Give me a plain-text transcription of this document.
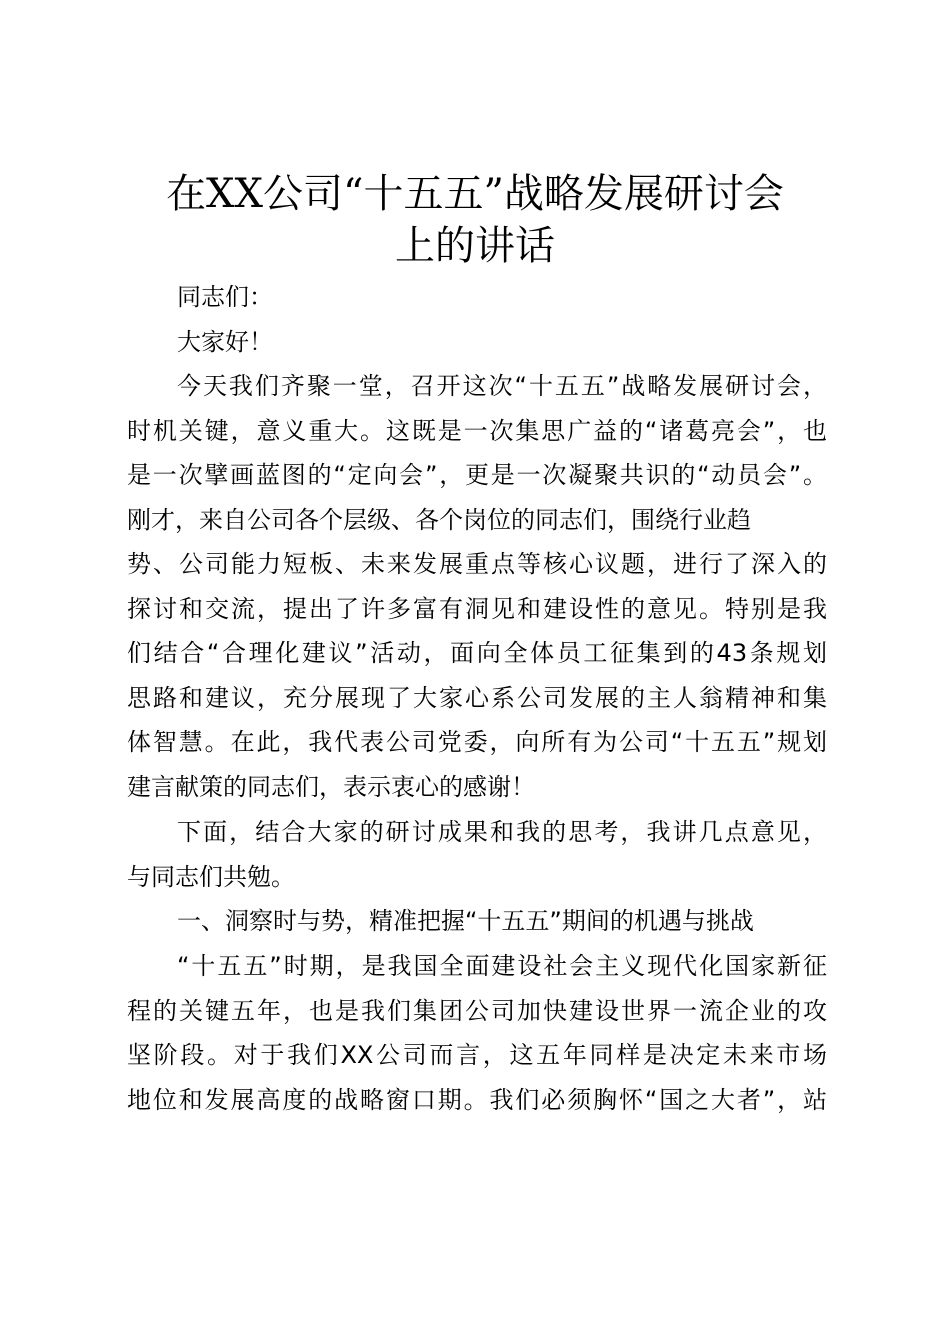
在XX公司“十五五”战略发展研讨会
上的讲话
同志们：
大家好！
今天我们齐聚一堂，召开这次“十五五”战略发展研讨会，
时机关键，意义重大。这既是一次集思广益的“诸葛亮会”，也
是一次擘画蓝图的“定向会”，更是一次凝聚共识的“动员会”。
刚才，来自公司各个层级、各个岗位的同志们，围绕行业趋
势、公司能力短板、未来发展重点等核心议题，进行了深入的
探讨和交流，提出了许多富有洞见和建设性的意见。特别是我
们结合“合理化建议”活动，面向全体员工征集到的43条规划
思路和建议，充分展现了大家心系公司发展的主人翁精神和集
体智慧。在此，我代表公司党委，向所有为公司“十五五”规划
建言献策的同志们，表示衷心的感谢！
下面，结合大家的研讨成果和我的思考，我讲几点意见，
与同志们共勉。
一、洞察时与势，精准把握“十五五”期间的机遇与挑战
“十五五”时期，是我国全面建设社会主义现代化国家新征
程的关键五年，也是我们集团公司加快建设世界一流企业的攻
坚阶段。对于我们XX公司而言，这五年同样是决定未来市场
地位和发展高度的战略窗口期。我们必须胸怀“国之大者”，站
